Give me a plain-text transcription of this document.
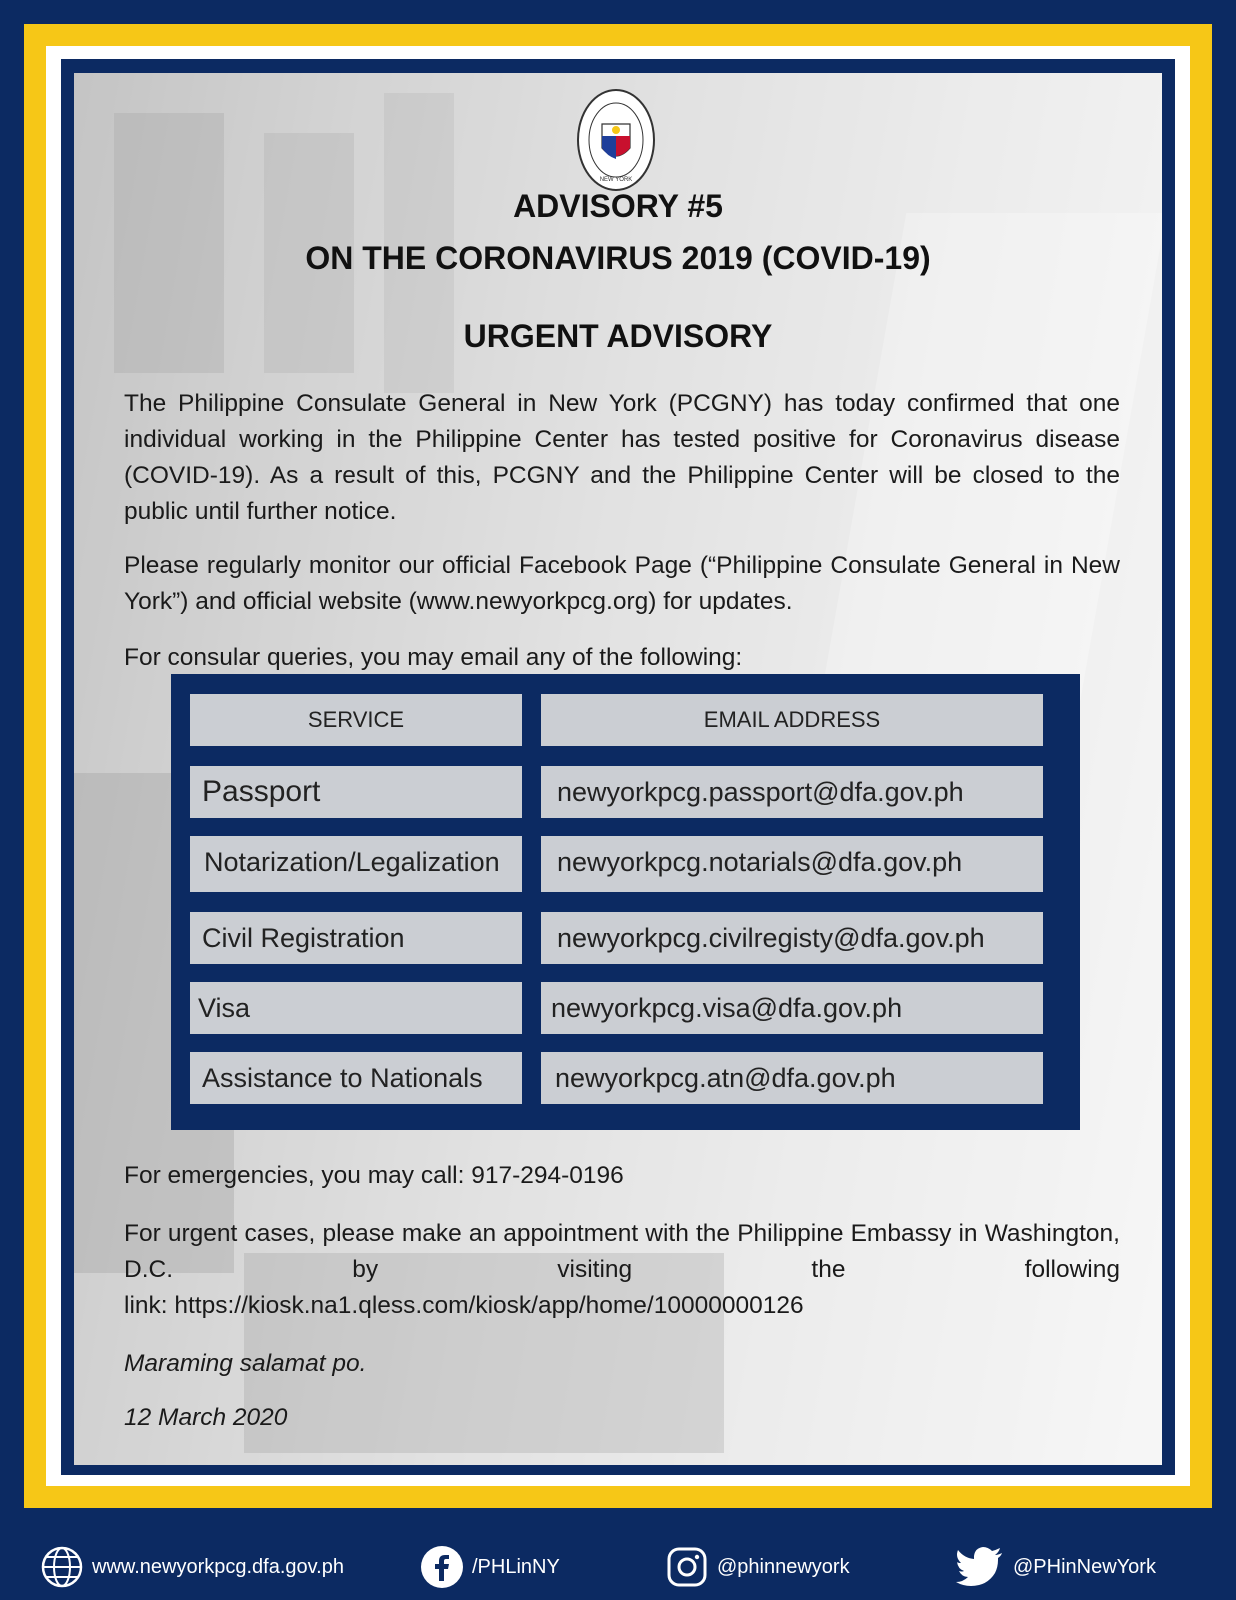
NEW YORK
ADVISORY #5
ON THE CORONAVIRUS 2019 (COVID-19)
URGENT ADVISORY

The Philippine Consulate General in New York (PCGNY) has today confirmed that one individual working in the Philippine Center has tested positive for Coronavirus disease (COVID-19). As a result of this, PCGNY and the Philippine Center will be closed to the public until further notice.

Please regularly monitor our official Facebook Page (“Philippine Consulate General in New York”) and official website (www.newyorkpcg.org) for updates.

For consular queries, you may email any of the following:

SERVICE	EMAIL ADDRESS
Passport	newyorkpcg.passport@dfa.gov.ph
Notarization/Legalization	newyorkpcg.notarials@dfa.gov.ph
Civil Registration	newyorkpcg.civilregisty@dfa.gov.ph
Visa	newyorkpcg.visa@dfa.gov.ph
Assistance to Nationals	newyorkpcg.atn@dfa.gov.ph

For emergencies, you may call: 917-294-0196

For urgent cases, please make an appointment with the Philippine Embassy in Washington, D.C. by visiting the following

link: https://kiosk.na1.qless.com/kiosk/app/home/10000000126

Maraming salamat po.

12 March 2020

www.newyorkpcg.dfa.gov.ph	/PHLinNY	@phinnewyork	@PHinNewYork
